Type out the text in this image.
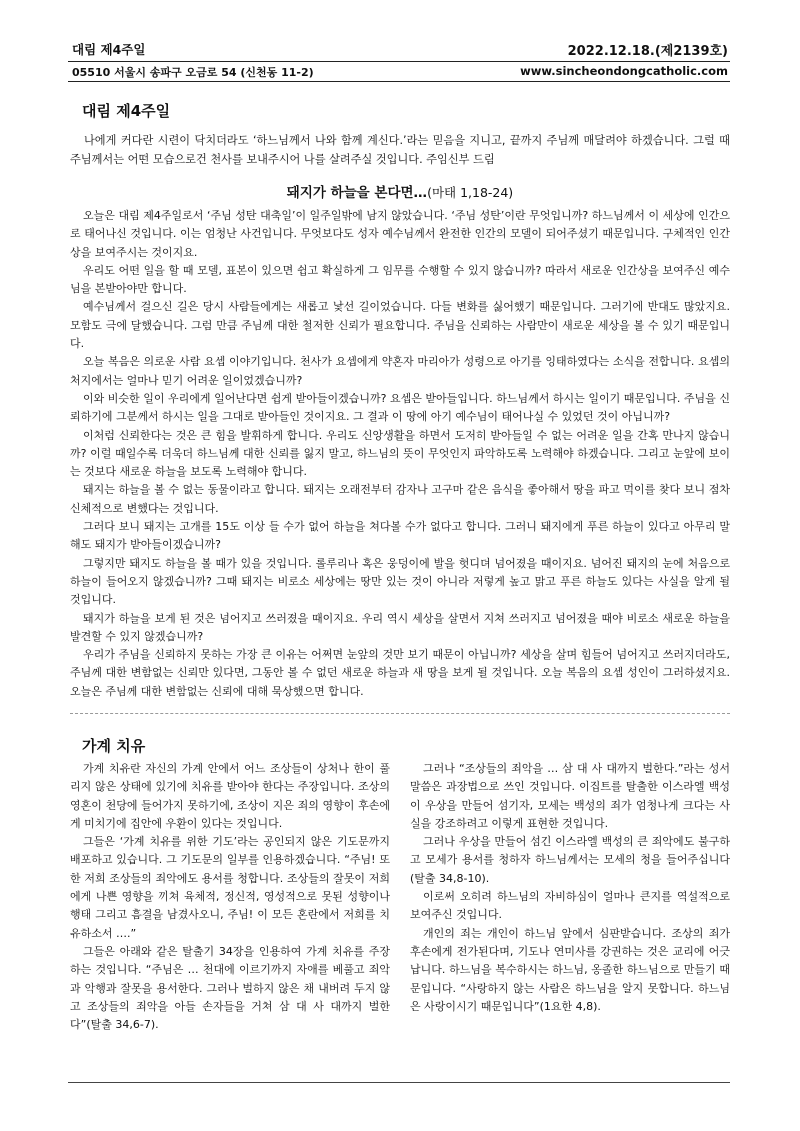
대림 제4주일	2022.12.18.(제2139호)
05510 서울시 송파구 오금로 54 (신천동 11-2)	www.sincheondongcatholic.com
대림 제4주일
나에게 커다란 시련이 닥치더라도 ‘하느님께서 나와 함께 계신다.’라는 믿음을 지니고, 끝까지 주님께 매달려야 하겠습니다. 그럴 때 주님께서는 어떤 모습으로건 천사를 보내주시어 나를 살려주실 것입니다. 주임신부 드림
돼지가 하늘을 본다면…(마태 1,18-24)

오늘은 대림 제4주일로서 ‘주님 성탄 대축일’이 일주일밖에 남지 않았습니다. ‘주님 성탄’이란 무엇입니까? 하느님께서 이 세상에 인간으로 태어나신 것입니다. 이는 엄청난 사건입니다. 무엇보다도 성자 예수님께서 완전한 인간의 모델이 되어주셨기 때문입니다. 구체적인 인간상을 보여주시는 것이지요.

우리도 어떤 일을 할 때 모델, 표본이 있으면 쉽고 확실하게 그 임무를 수행할 수 있지 않습니까? 따라서 새로운 인간상을 보여주신 예수님을 본받아야만 합니다.

예수님께서 걸으신 길은 당시 사람들에게는 새롭고 낯선 길이었습니다. 다들 변화를 싫어했기 때문입니다. 그러기에 반대도 많았지요. 모함도 극에 달했습니다. 그럼 만큼 주님께 대한 철저한 신뢰가 필요합니다. 주님을 신뢰하는 사람만이 새로운 세상을 볼 수 있기 때문입니다.

오늘 복음은 의로운 사람 요셉 이야기입니다. 천사가 요셉에게 약혼자 마리아가 성령으로 아기를 잉태하였다는 소식을 전합니다. 요셉의 처지에서는 얼마나 믿기 어려운 일이었겠습니까?

이와 비슷한 일이 우리에게 일어난다면 쉽게 받아들이겠습니까? 요셉은 받아들입니다. 하느님께서 하시는 일이기 때문입니다. 주님을 신뢰하기에 그분께서 하시는 일을 그대로 받아들인 것이지요. 그 결과 이 땅에 아기 예수님이 태어나실 수 있었던 것이 아닙니까?

이처럼 신뢰한다는 것은 큰 힘을 발휘하게 합니다. 우리도 신앙생활을 하면서 도저히 받아들일 수 없는 어려운 일을 간혹 만나지 않습니까? 이럴 때일수록 더욱더 하느님께 대한 신뢰를 잃지 말고, 하느님의 뜻이 무엇인지 파악하도록 노력해야 하겠습니다. 그리고 눈앞에 보이는 것보다 새로운 하늘을 보도록 노력해야 합니다.

돼지는 하늘을 볼 수 없는 동물이라고 합니다. 돼지는 오래전부터 감자나 고구마 같은 음식을 좋아해서 땅을 파고 먹이를 찾다 보니 점차 신체적으로 변했다는 것입니다.

그러다 보니 돼지는 고개를 15도 이상 들 수가 없어 하늘을 쳐다볼 수가 없다고 합니다. 그러니 돼지에게 푸른 하늘이 있다고 아무리 말해도 돼지가 받아들이겠습니까?

그렇지만 돼지도 하늘을 볼 때가 있을 것입니다. 롤루리나 혹은 웅덩이에 발을 헛디뎌 넘어졌을 때이지요. 넘어진 돼지의 눈에 처음으로 하늘이 들어오지 않겠습니까? 그때 돼지는 비로소 세상에는 땅만 있는 것이 아니라 저렇게 높고 맑고 푸른 하늘도 있다는 사실을 알게 될 것입니다.

돼지가 하늘을 보게 된 것은 넘어지고 쓰러졌을 때이지요. 우리 역시 세상을 살면서 지쳐 쓰러지고 넘어졌을 때야 비로소 새로운 하늘을 발견할 수 있지 않겠습니까?

우리가 주님을 신뢰하지 못하는 가장 큰 이유는 어쩌면 눈앞의 것만 보기 때문이 아닙니까? 세상을 살며 힘들어 넘어지고 쓰러지더라도, 주님께 대한 변함없는 신뢰만 있다면, 그동안 볼 수 없던 새로운 하늘과 새 땅을 보게 될 것입니다. 오늘 복음의 요셉 성인이 그러하셨지요. 오늘은 주님께 대한 변함없는 신뢰에 대해 묵상했으면 합니다.

가계 치유

가계 치유란 자신의 가계 안에서 어느 조상들이 상처나 한이 풀리지 않은 상태에 있기에 치유를 받아야 한다는 주장입니다. 조상의 영혼이 천당에 들어가지 못하기에, 조상이 지은 죄의 영향이 후손에게 미치기에 집안에 우환이 있다는 것입니다.

그들은 ‘가계 치유를 위한 기도’라는 공인되지 않은 기도문까지 배포하고 있습니다. 그 기도문의 일부를 인용하겠습니다. “주님! 또한 저희 조상들의 죄악에도 용서를 청합니다. 조상들의 잘못이 저희에게 나쁜 영향을 끼쳐 육체적, 정신적, 영성적으로 못된 성향이나 행태 그리고 흠결을 남겼사오니, 주님! 이 모든 혼란에서 저희를 치유하소서 ….”

그들은 아래와 같은 탈출기 34장을 인용하여 가계 치유를 주장하는 것입니다. “주님은 … 천대에 이르기까지 자애를 베풀고 죄악과 악행과 잘못을 용서한다. 그러나 벌하지 않은 채 내버려 두지 않고 조상들의 죄악을 아들 손자들을 거쳐 삼 대 사 대까지 벌한다”(탈출 34,6-7).

그러나 “조상들의 죄악을 … 삼 대 사 대까지 벌한다.”라는 성서 말씀은 과장법으로 쓰인 것입니다. 이집트를 탈출한 이스라엘 백성이 우상을 만들어 섬기자, 모세는 백성의 죄가 엄청나게 크다는 사실을 강조하려고 이렇게 표현한 것입니다.

그러나 우상을 만들어 섬긴 이스라엘 백성의 큰 죄악에도 불구하고 모세가 용서를 청하자 하느님께서는 모세의 청을 들어주십니다(탈출 34,8-10).

이로써 오히려 하느님의 자비하심이 얼마나 큰지를 역설적으로 보여주신 것입니다.

개인의 죄는 개인이 하느님 앞에서 심판받습니다. 조상의 죄가 후손에게 전가된다며, 기도나 연미사를 강권하는 것은 교리에 어긋납니다. 하느님을 복수하시는 하느님, 옹졸한 하느님으로 만들기 때문입니다. “사랑하지 않는 사람은 하느님을 알지 못합니다. 하느님은 사랑이시기 때문입니다”(1요한 4,8).
